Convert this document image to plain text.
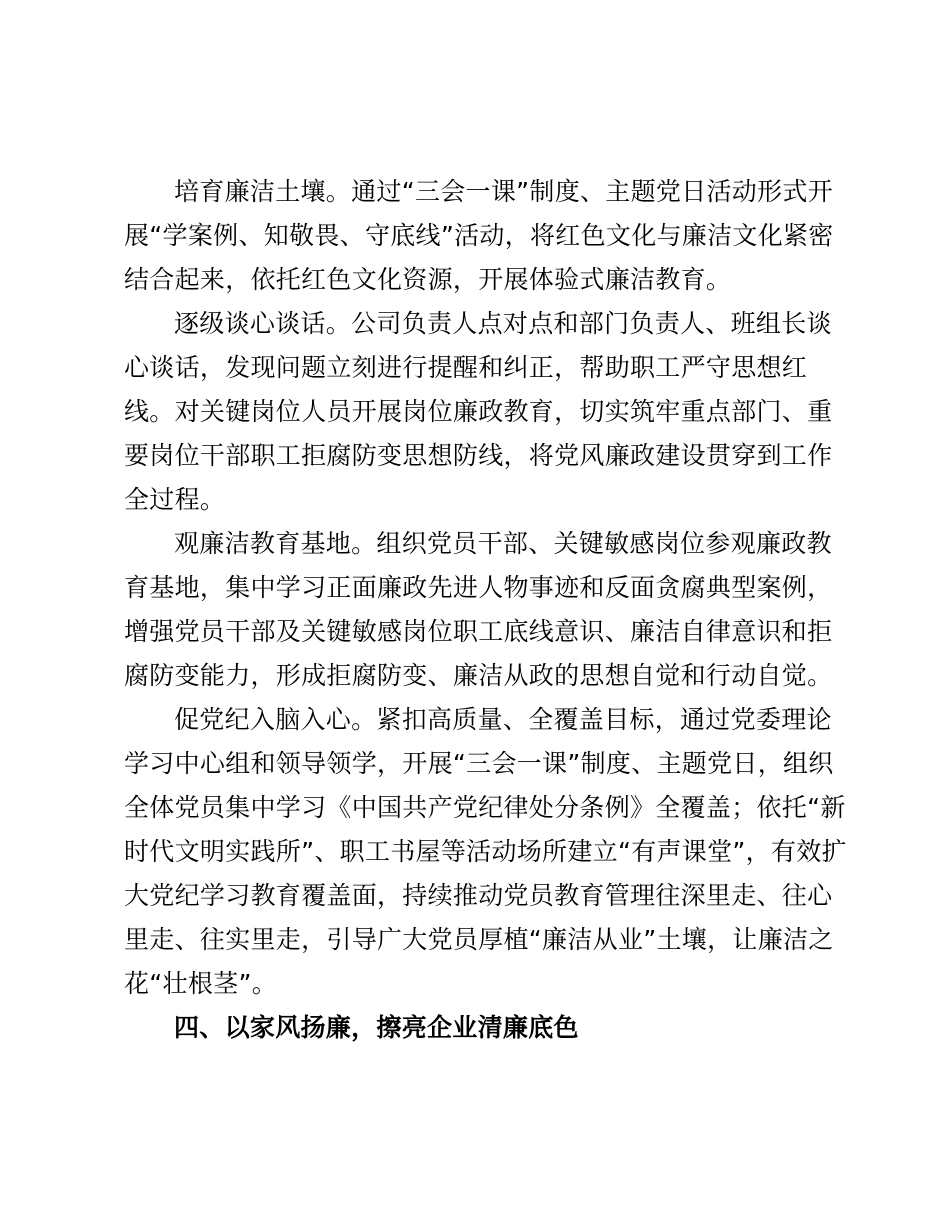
培育廉洁土壤。通过“三会一课”制度、主题党日活动形式开
展“学案例、知敬畏、守底线”活动，将红色文化与廉洁文化紧密
结合起来，依托红色文化资源，开展体验式廉洁教育。
逐级谈心谈话。公司负责人点对点和部门负责人、班组长谈
心谈话，发现问题立刻进行提醒和纠正，帮助职工严守思想红
线。对关键岗位人员开展岗位廉政教育，切实筑牢重点部门、重
要岗位干部职工拒腐防变思想防线，将党风廉政建设贯穿到工作
全过程。
观廉洁教育基地。组织党员干部、关键敏感岗位参观廉政教
育基地，集中学习正面廉政先进人物事迹和反面贪腐典型案例，
增强党员干部及关键敏感岗位职工底线意识、廉洁自律意识和拒
腐防变能力，形成拒腐防变、廉洁从政的思想自觉和行动自觉。
促党纪入脑入心。紧扣高质量、全覆盖目标，通过党委理论
学习中心组和领导领学，开展“三会一课”制度、主题党日，组织
全体党员集中学习《中国共产党纪律处分条例》全覆盖；依托“新
时代文明实践所”、职工书屋等活动场所建立“有声课堂”，有效扩
大党纪学习教育覆盖面，持续推动党员教育管理往深里走、往心
里走、往实里走，引导广大党员厚植“廉洁从业”土壤，让廉洁之
花“壮根茎”。
四、以家风扬廉，擦亮企业清廉底色
